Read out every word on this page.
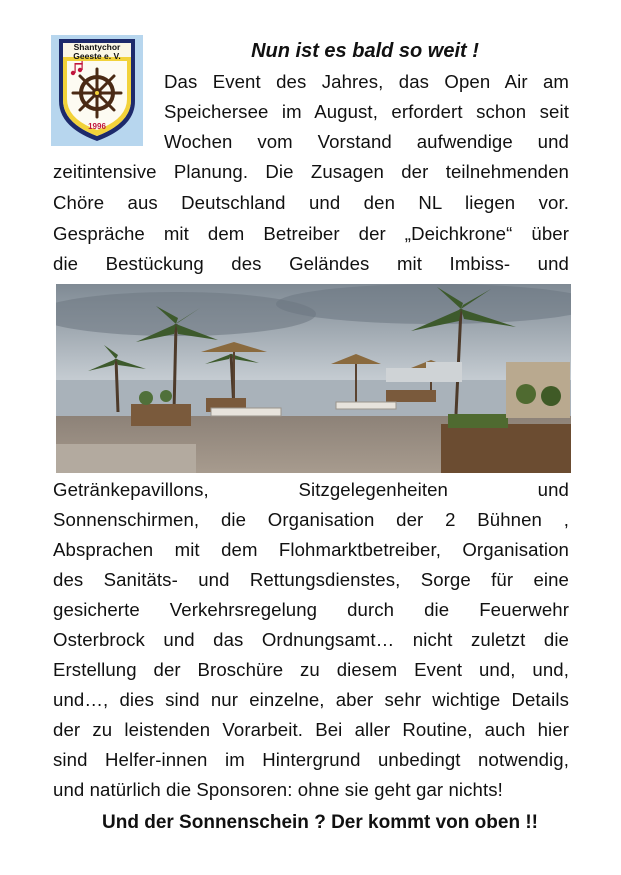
Shantychor
Geeste e. V.
1996
Nun ist es bald so weit !
Das Event des Jahres, das Open Air am
Speichersee im August, erfordert schon seit
Wochen vom Vorstand aufwendige und
zeitintensive Planung. Die Zusagen der teilnehmenden
Chöre aus Deutschland und den NL liegen vor.
Gespräche mit dem Betreiber der „Deichkrone“ über
die Bestückung des Geländes mit Imbiss- und
Getränkepavillons, Sitzgelegenheiten und
Sonnenschirmen, die Organisation der 2 Bühnen ,
Absprachen mit dem Flohmarktbetreiber, Organisation
des Sanitäts- und Rettungsdienstes, Sorge für eine
gesicherte Verkehrsregelung durch die Feuerwehr
Osterbrock und das Ordnungsamt… nicht zuletzt die
Erstellung der Broschüre zu diesem Event und, und,
und…, dies sind nur einzelne, aber sehr wichtige Details
der zu leistenden Vorarbeit. Bei aller Routine, auch hier
sind Helfer-innen im Hintergrund unbedingt notwendig,
und natürlich die Sponsoren: ohne sie geht gar nichts!
Und der Sonnenschein ? Der kommt von oben !!
